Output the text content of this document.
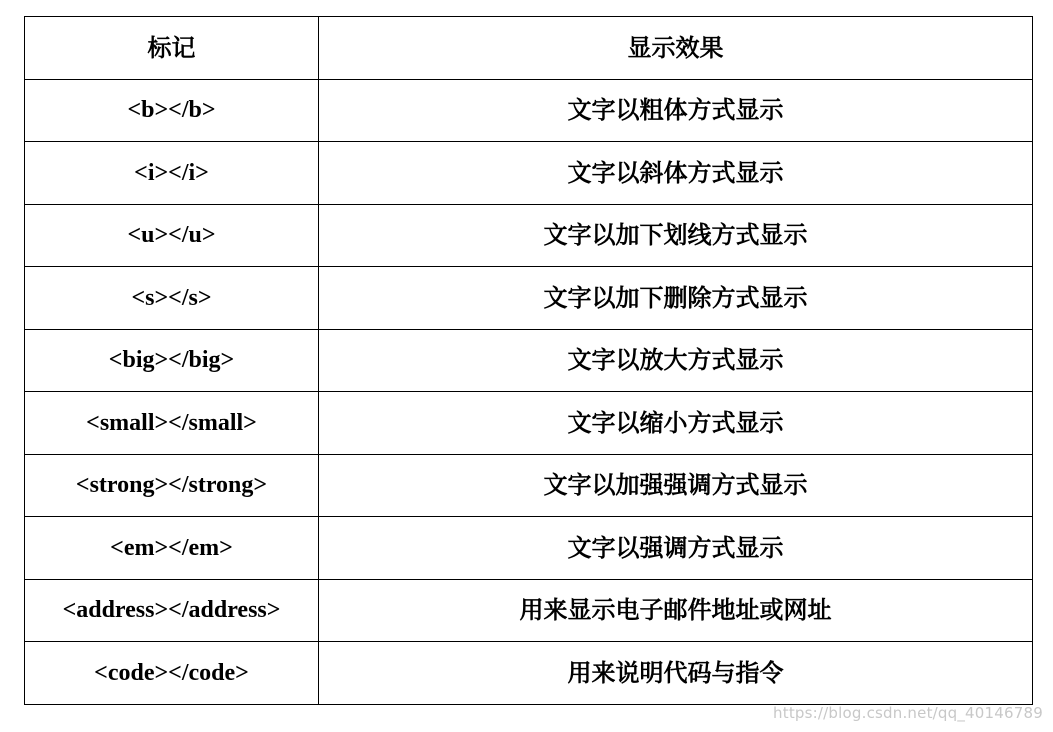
标记	显示效果
<b></b>	文字以粗体方式显示
<i></i>	文字以斜体方式显示
<u></u>	文字以加下划线方式显示
<s></s>	文字以加下删除方式显示
<big></big>	文字以放大方式显示
<small></small>	文字以缩小方式显示
<strong></strong>	文字以加强强调方式显示
<em></em>	文字以强调方式显示
<address></address>	用来显示电子邮件地址或网址
<code></code>	用来说明代码与指令
https://blog.csdn.net/qq_40146789
